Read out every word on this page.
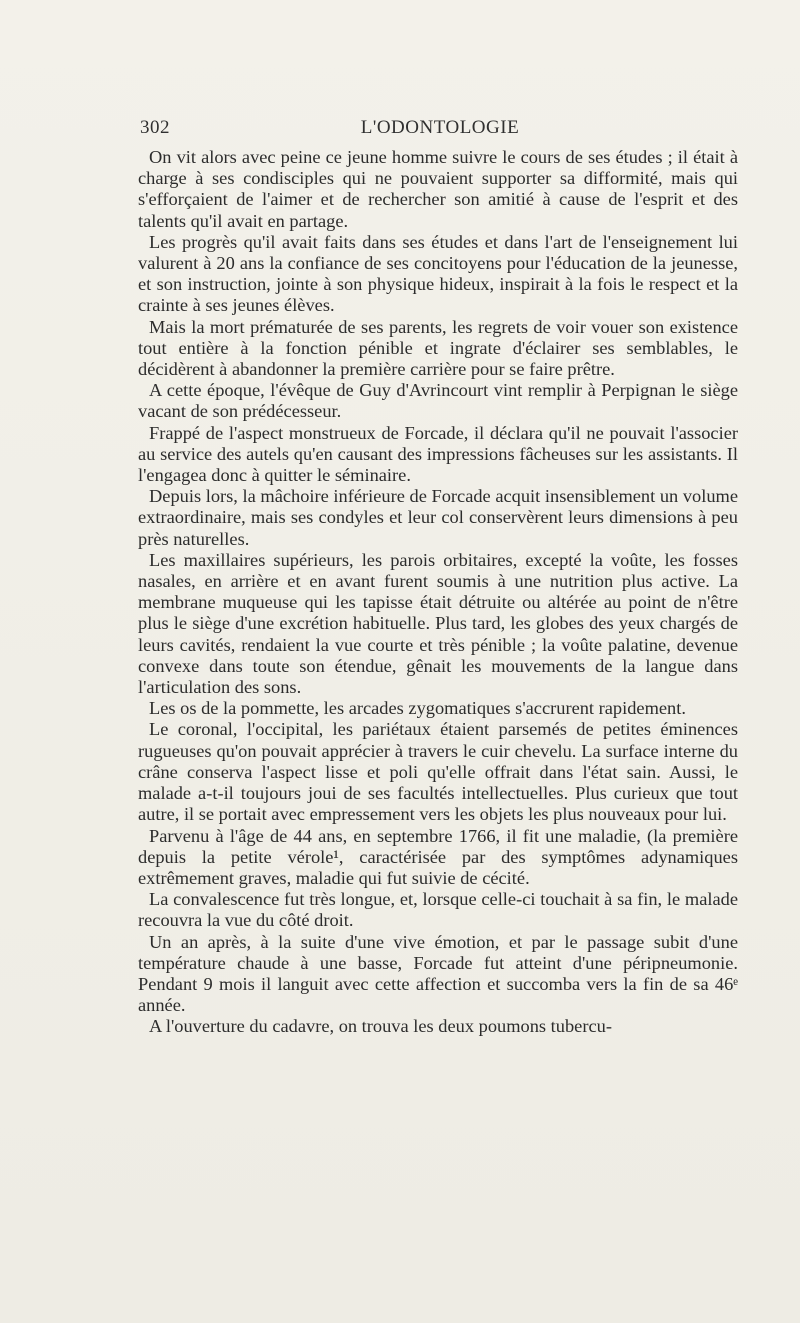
302	L'ODONTOLOGIE

On vit alors avec peine ce jeune homme suivre le cours de ses études ; il était à charge à ses condisciples qui ne pouvaient supporter sa difformité, mais qui s'efforçaient de l'aimer et de rechercher son amitié à cause de l'esprit et des talents qu'il avait en partage.

Les progrès qu'il avait faits dans ses études et dans l'art de l'enseignement lui valurent à 20 ans la confiance de ses concitoyens pour l'éducation de la jeunesse, et son instruction, jointe à son physique hideux, inspirait à la fois le respect et la crainte à ses jeunes élèves.

Mais la mort prématurée de ses parents, les regrets de voir vouer son existence tout entière à la fonction pénible et ingrate d'éclairer ses semblables, le décidèrent à abandonner la première carrière pour se faire prêtre.

A cette époque, l'évêque de Guy d'Avrincourt vint remplir à Perpignan le siège vacant de son prédécesseur.

Frappé de l'aspect monstrueux de Forcade, il déclara qu'il ne pouvait l'associer au service des autels qu'en causant des impressions fâcheuses sur les assistants. Il l'engagea donc à quitter le séminaire.

Depuis lors, la mâchoire inférieure de Forcade acquit insensiblement un volume extraordinaire, mais ses condyles et leur col conservèrent leurs dimensions à peu près naturelles.

Les maxillaires supérieurs, les parois orbitaires, excepté la voûte, les fosses nasales, en arrière et en avant furent soumis à une nutrition plus active. La membrane muqueuse qui les tapisse était détruite ou altérée au point de n'être plus le siège d'une excrétion habituelle. Plus tard, les globes des yeux chargés de leurs cavités, rendaient la vue courte et très pénible ; la voûte palatine, devenue convexe dans toute son étendue, gênait les mouvements de la langue dans l'articulation des sons.

Les os de la pommette, les arcades zygomatiques s'accrurent rapidement.

Le coronal, l'occipital, les pariétaux étaient parsemés de petites éminences rugueuses qu'on pouvait apprécier à travers le cuir chevelu. La surface interne du crâne conserva l'aspect lisse et poli qu'elle offrait dans l'état sain. Aussi, le malade a-t-il toujours joui de ses facultés intellectuelles. Plus curieux que tout autre, il se portait avec empressement vers les objets les plus nouveaux pour lui.

Parvenu à l'âge de 44 ans, en septembre 1766, il fit une maladie, (la première depuis la petite vérole¹, caractérisée par des symptômes adynamiques extrêmement graves, maladie qui fut suivie de cécité.

La convalescence fut très longue, et, lorsque celle-ci touchait à sa fin, le malade recouvra la vue du côté droit.

Un an après, à la suite d'une vive émotion, et par le passage subit d'une température chaude à une basse, Forcade fut atteint d'une péripneumonie. Pendant 9 mois il languit avec cette affection et succomba vers la fin de sa 46ᵉ année.

A l'ouverture du cadavre, on trouva les deux poumons tubercu-
